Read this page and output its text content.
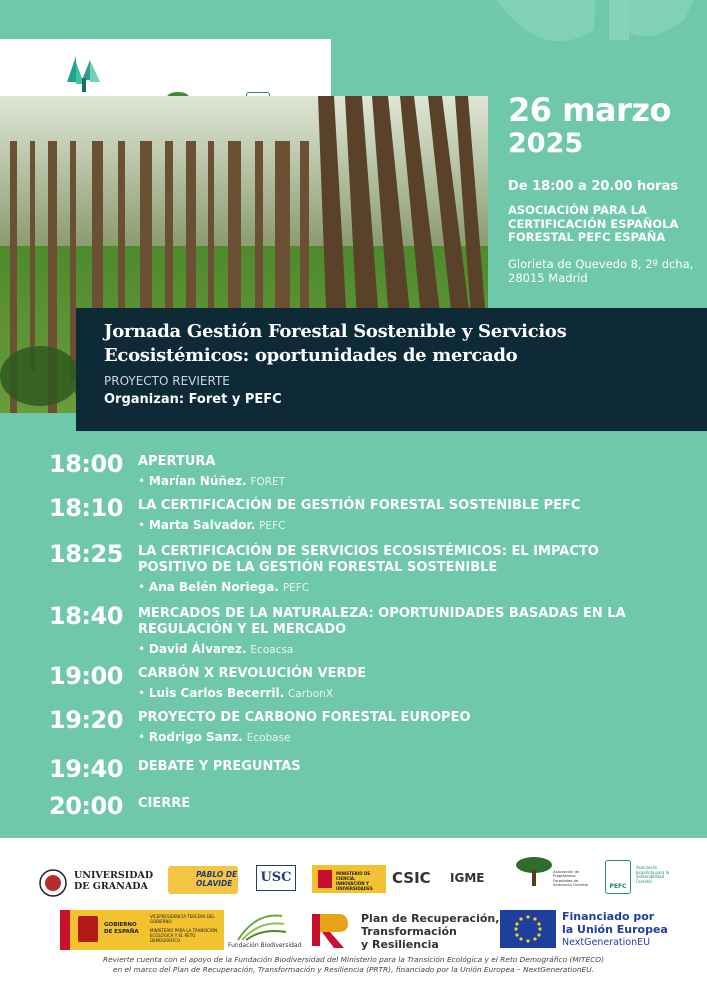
26 marzo
2025
De 18:00 a 20.00 horas
ASOCIACIÓN PARA LA CERTIFICACIÓN ESPAÑOLA FORESTAL PEFC ESPAÑA
Glorieta de Quevedo 8, 2º dcha, 28015 Madrid
Jornada Gestión Forestal Sostenible y Servicios
Ecosistémicos: oportunidades de mercado
PROYECTO REVIERTE
Organizan: Foret y PEFC
18:00 APERTURA
• Marían Núñez. FORET
18:10 LA CERTIFICACIÓN DE GESTIÓN FORESTAL SOSTENIBLE PEFC
• Marta Salvador. PEFC
18:25 LA CERTIFICACIÓN DE SERVICIOS ECOSISTÉMICOS: EL IMPACTO POSITIVO DE LA GESTIÓN FORESTAL SOSTENIBLE
• Ana Belén Noriega. PEFC
18:40 MERCADOS DE LA NATURALEZA: OPORTUNIDADES BASADAS EN LA REGULACIÓN Y EL MERCADO
• David Álvarez. Ecoacsa
19:00 CARBÓN X REVOLUCIÓN VERDE
• Luis Carlos Becerril. CarbonX
19:20 PROYECTO DE CARBONO FORESTAL EUROPEO
• Rodrigo Sanz. Ecobase
19:40 DEBATE Y PREGUNTAS
20:00 CIERRE
UNIVERSIDAD DE GRANADA
PABLO DE OLAVIDE	USC	MINISTERIO DE CIENCIA, INNOVACIÓN Y UNIVERSIDADES
CSIC IGME	Asociación de Propietarios Forestales de Andalucía Oriental	PEFC
Asociación Española para la Sostenibilidad Forestal
GOBIERNO DE ESPAÑA
VICEPRESIDENCIA TERCERA DEL GOBIERNO
MINISTERIO PARA LA TRANSICIÓN ECOLÓGICA Y EL RETO DEMOGRÁFICO
Fundación Biodiversidad
Plan de Recuperación,
Transformación
y Resiliencia
Financiado por
la Unión Europea
NextGenerationEU
Revierte cuenta con el apoyo de la Fundación Biodiversidad del Ministerio para la Transición Ecológica y el Reto Demográfico (MITECO)
en el marco del Plan de Recuperación, Transformación y Resiliencia (PRTR), financiado por la Unión Europea – NextGenerationEU.
